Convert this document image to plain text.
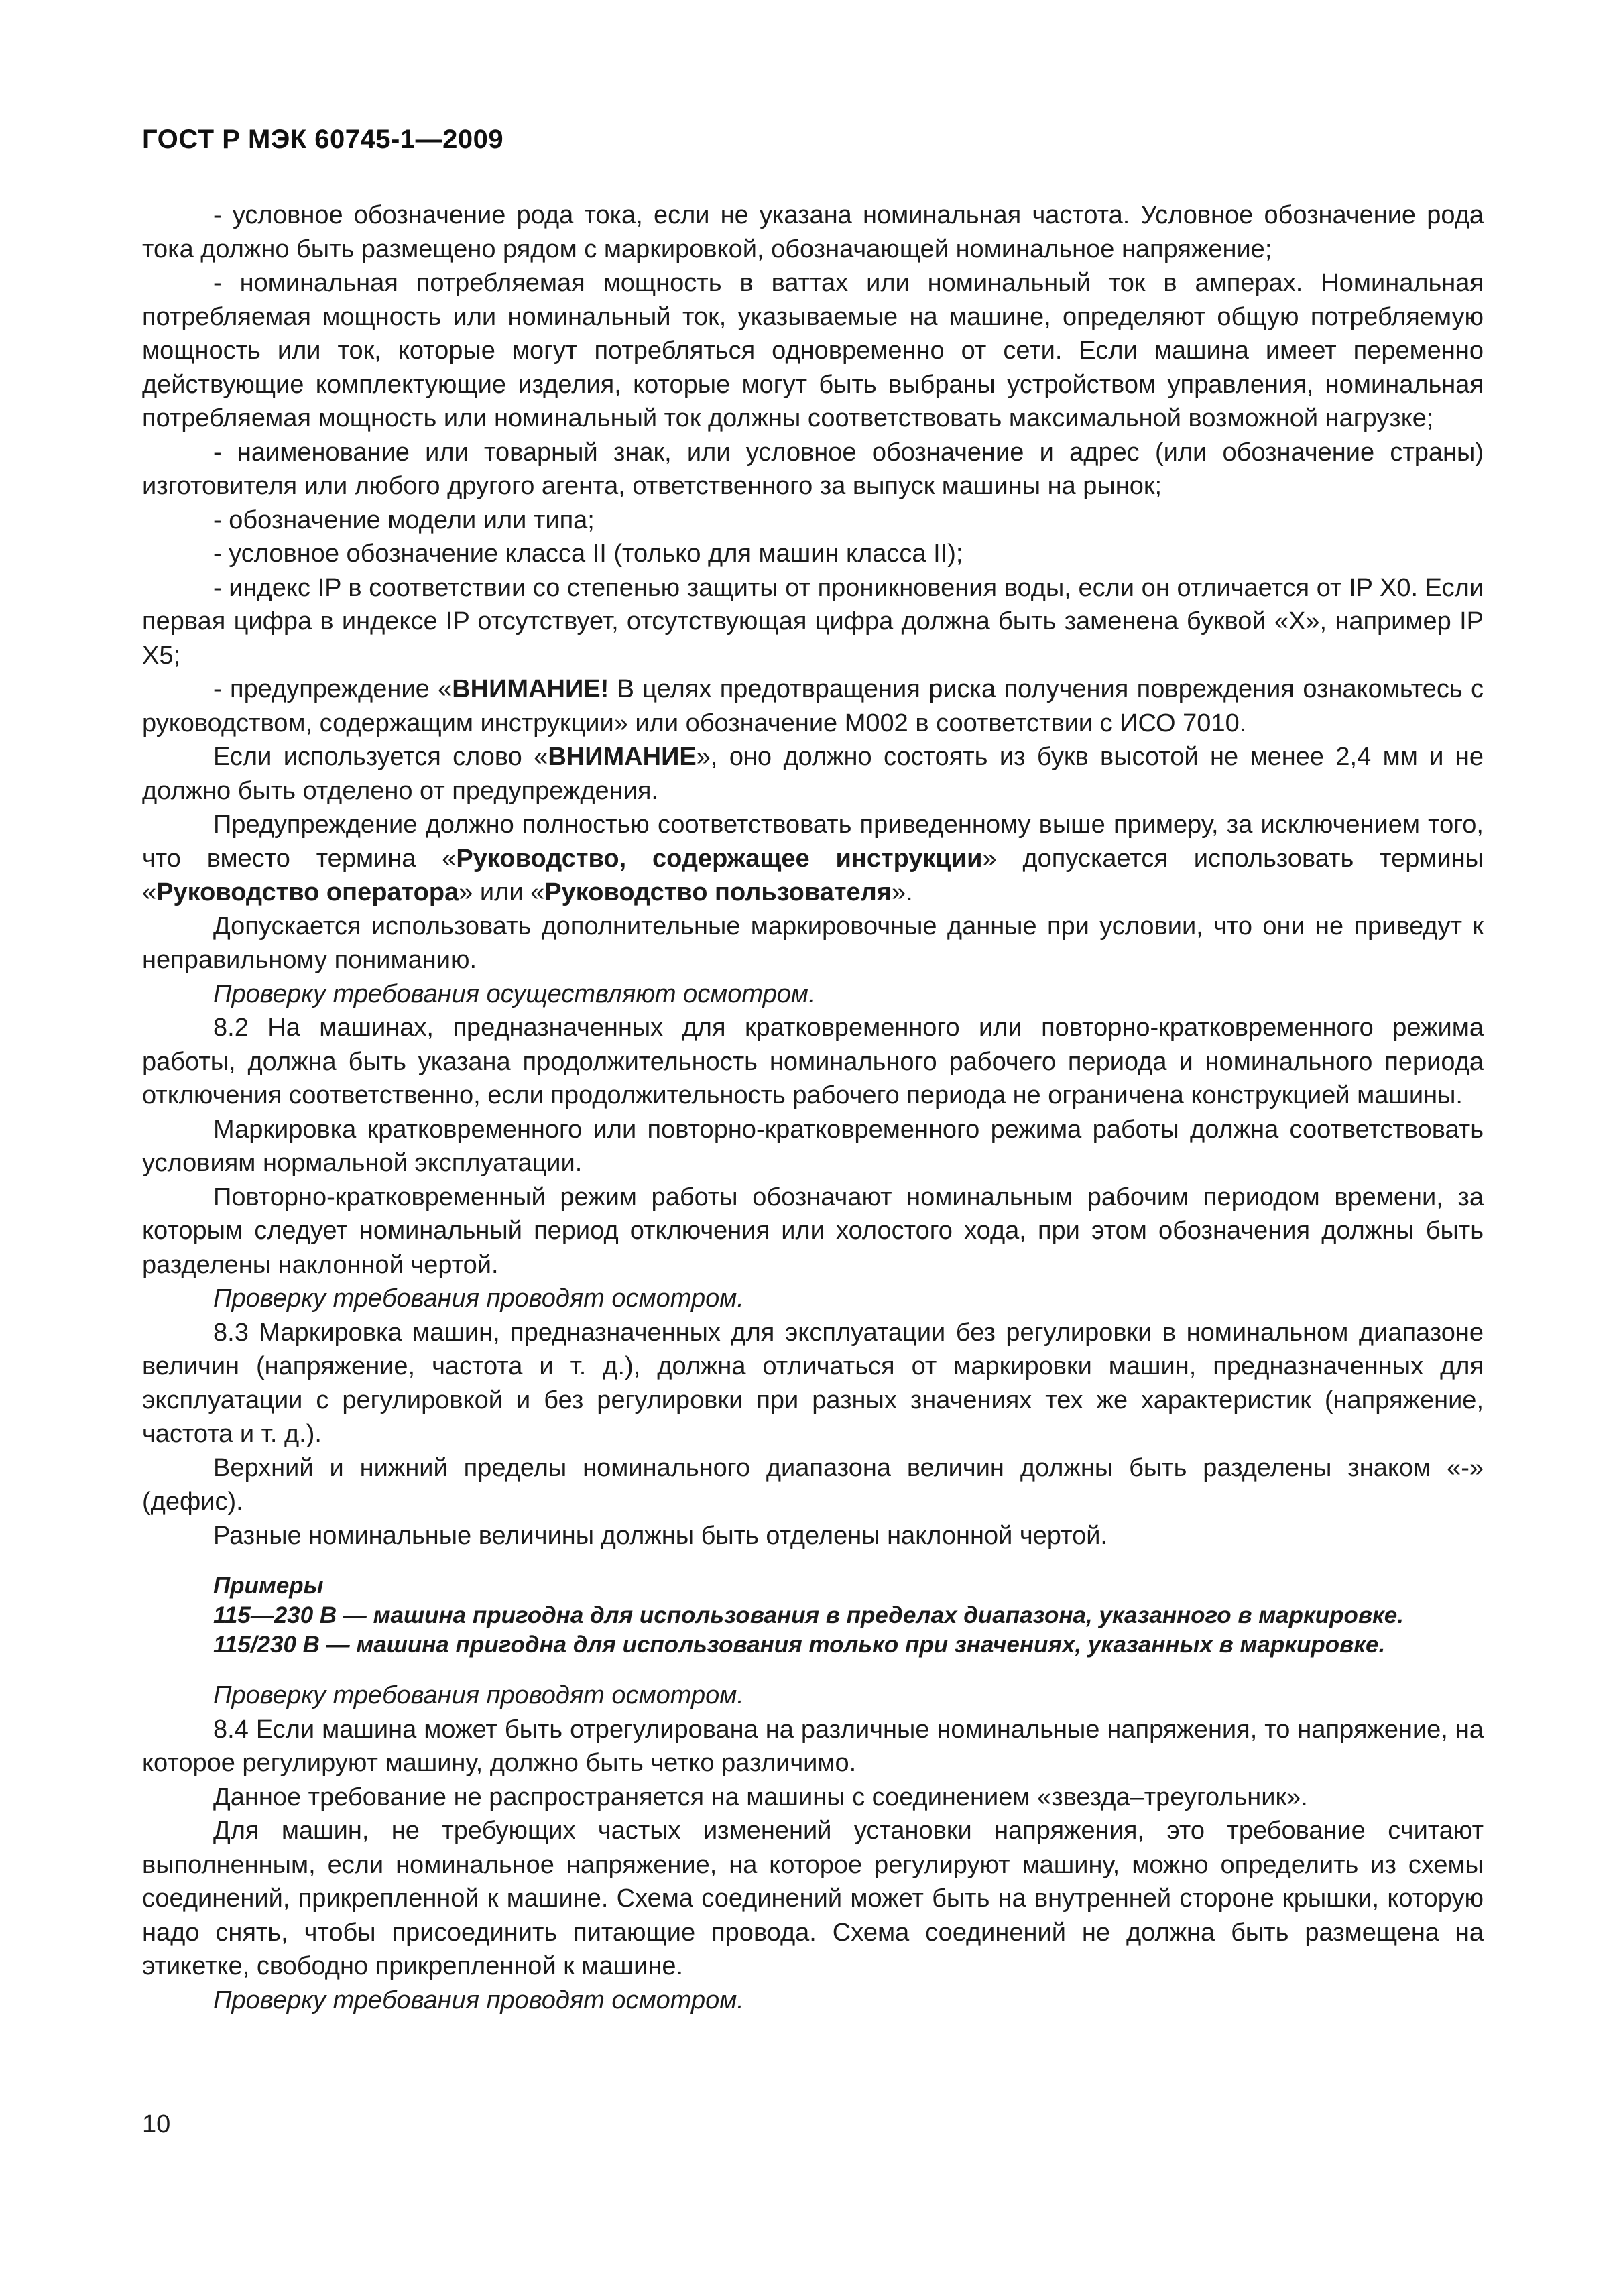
ГОСТ Р МЭК 60745-1—2009

- условное обозначение рода тока, если не указана номинальная частота. Условное обозначение рода тока должно быть размещено рядом с маркировкой, обозначающей номинальное напряжение;

- номинальная потребляемая мощность в ваттах или номинальный ток в амперах. Номинальная потребляемая мощность или номинальный ток, указываемые на машине, определяют общую потребляемую мощность или ток, которые могут потребляться одновременно от сети. Если машина имеет переменно действующие комплектующие изделия, которые могут быть выбраны устройством управления, номинальная потребляемая мощность или номинальный ток должны соответствовать максимальной возможной нагрузке;

- наименование или товарный знак, или условное обозначение и адрес (или обозначение страны) изготовителя или любого другого агента, ответственного за выпуск машины на рынок;

- обозначение модели или типа;

- условное обозначение класса II (только для машин класса II);

- индекс IP в соответствии со степенью защиты от проникновения воды, если он отличается от IP X0. Если первая цифра в индексе IP отсутствует, отсутствующая цифра должна быть заменена буквой «X», например IP X5;

- предупреждение «ВНИМАНИЕ! В целях предотвращения риска получения повреждения ознакомьтесь с руководством, содержащим инструкции» или обозначение M002 в соответствии с ИСО 7010.

Если используется слово «ВНИМАНИЕ», оно должно состоять из букв высотой не менее 2,4 мм и не должно быть отделено от предупреждения.

Предупреждение должно полностью соответствовать приведенному выше примеру, за исключением того, что вместо термина «Руководство, содержащее инструкции» допускается использовать термины «Руководство оператора» или «Руководство пользователя».

Допускается использовать дополнительные маркировочные данные при условии, что они не приведут к неправильному пониманию.

Проверку требования осуществляют осмотром.

8.2 На машинах, предназначенных для кратковременного или повторно-кратковременного режима работы, должна быть указана продолжительность номинального рабочего периода и номинального периода отключения соответственно, если продолжительность рабочего периода не ограничена конструкцией машины.

Маркировка кратковременного или повторно-кратковременного режима работы должна соответствовать условиям нормальной эксплуатации.

Повторно-кратковременный режим работы обозначают номинальным рабочим периодом времени, за которым следует номинальный период отключения или холостого хода, при этом обозначения должны быть разделены наклонной чертой.

Проверку требования проводят осмотром.

8.3 Маркировка машин, предназначенных для эксплуатации без регулировки в номинальном диапазоне величин (напряжение, частота и т. д.), должна отличаться от маркировки машин, предназначенных для эксплуатации с регулировкой и без регулировки при разных значениях тех же характеристик (напряжение, частота и т. д.).

Верхний и нижний пределы номинального диапазона величин должны быть разделены знаком «-» (дефис).

Разные номинальные величины должны быть отделены наклонной чертой.

Примеры

115—230 В — машина пригодна для использования в пределах диапазона, указанного в маркировке.

115/230 В — машина пригодна для использования только при значениях, указанных в маркировке.

Проверку требования проводят осмотром.

8.4 Если машина может быть отрегулирована на различные номинальные напряжения, то напряжение, на которое регулируют машину, должно быть четко различимо.

Данное требование не распространяется на машины с соединением «звезда–треугольник».

Для машин, не требующих частых изменений установки напряжения, это требование считают выполненным, если номинальное напряжение, на которое регулируют машину, можно определить из схемы соединений, прикрепленной к машине. Схема соединений может быть на внутренней стороне крышки, которую надо снять, чтобы присоединить питающие провода. Схема соединений не должна быть размещена на этикетке, свободно прикрепленной к машине.

Проверку требования проводят осмотром.

10
